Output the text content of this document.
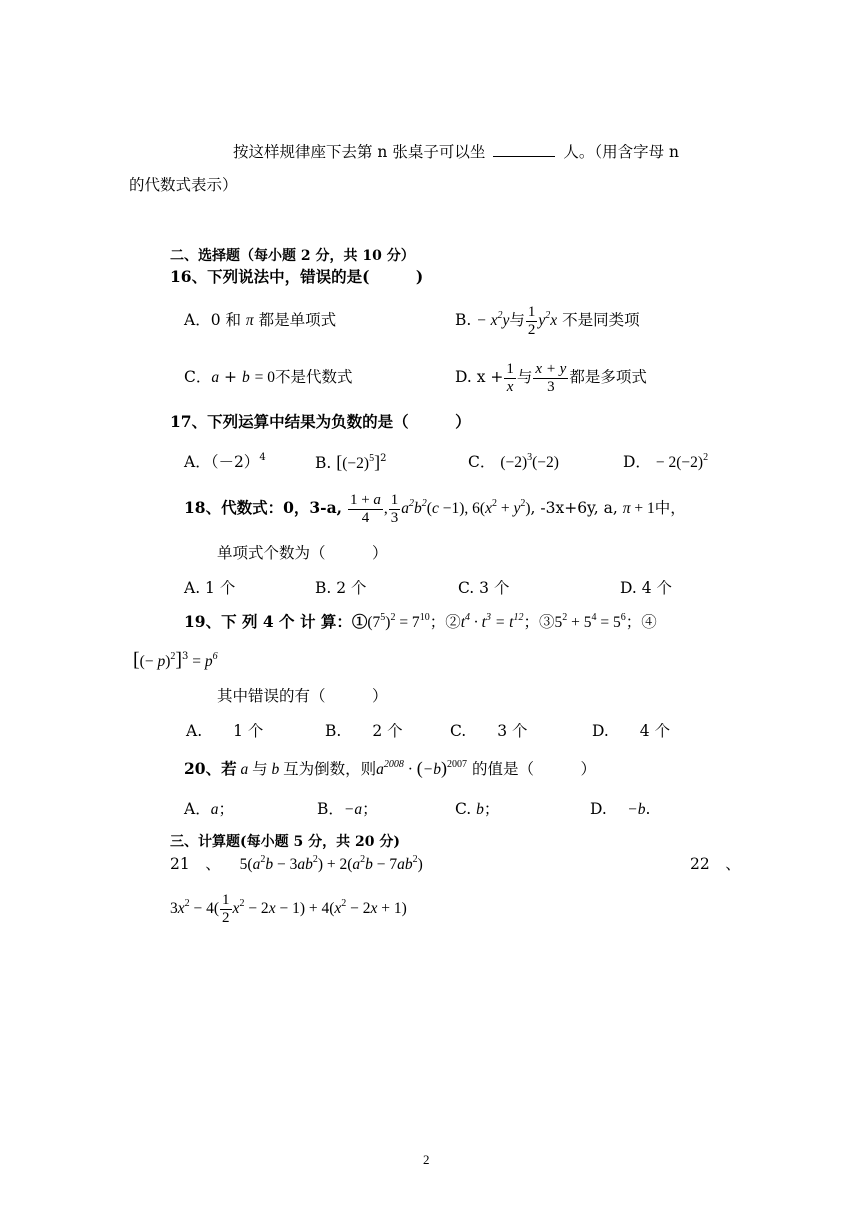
按这样规律座下去第 n 张桌子可以坐	人。（用含字母 n
的代数式表示）
二、选择题（每小题 2 分，共 10 分）
16、下列说法中，错误的是(　　　)
A．0 和 π 都是单项式	B. − $x^2y$与 $\frac{1}{2} y^2x$ 不是同类项
C．a + b = 0不是代数式	D. $x + \frac{1}{x}$ 与 $\frac{x + y}{3}$ 都是多项式
17、下列运算中结果为负数的是（　　　）
A．$(-2)^4$	B. $[(-2)^5]^2$	C． $(-2)^3(-2)$	D． − $2(-2)^2$
18、代数式：0，3-a, $\frac{1 + a}{4}$ , $\frac{1}{3} a^2b^2(c -1)$, $6(x^2 + y^2)$, -3x+6y, a, π + 1中，
单项式个数为（　　　）
A. 1 个	B. 2 个	C. 3 个	D. 4 个
19、下 列 4 个 计 算：$①(7^5)^2 = 7^{10}$；$②t^4 \cdot t^3 = t^{12}$；$③5^2 + 5^4 = 5^6$；④
[(− $p)^2]^3 = p^6$
其中错误的有（　　　）
A.　　1 个	B.　　2 个	C.　　3 个	D.　　4 个
20、若 a 与 b 互为倒数，则$a^{2008} \cdot (-b)^{2007}$ 的值是（　　　）
A．a；	B．−a；	C. b；	D.　 −b.
三、计算题(每小题 5 分，共 20 分)
21　、 $5(a^2b - 3ab^2) + 2(a^2b - 7ab^2)$	22　、
$3x^2 - 4( \frac{1}{2} x^2 - 2x - 1) + 4(x^2 - 2x + 1)$
2
